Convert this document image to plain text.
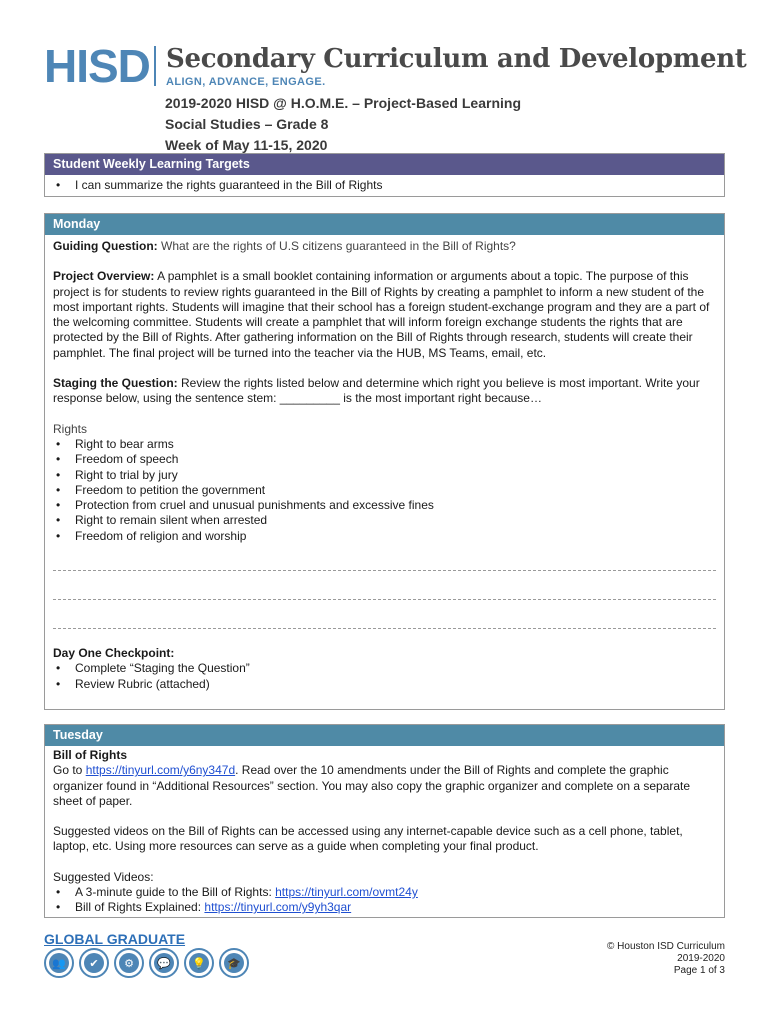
HISD Secondary Curriculum and Development
ALIGN, ADVANCE, ENGAGE.
2019-2020 HISD @ H.O.M.E. – Project-Based Learning
Social Studies – Grade 8
Week of May 11-15, 2020
Student Weekly Learning Targets
• I can summarize the rights guaranteed in the Bill of Rights
Monday
Guiding Question: What are the rights of U.S citizens guaranteed in the Bill of Rights?
Project Overview: A pamphlet is a small booklet containing information or arguments about a topic. The purpose of this project is for students to review rights guaranteed in the Bill of Rights by creating a pamphlet to inform a new student of the most important rights. Students will imagine that their school has a foreign student-exchange program and they are a part of the welcoming committee. Students will create a pamphlet that will inform foreign exchange students the rights that are protected by the Bill of Rights. After gathering information on the Bill of Rights through research, students will create their pamphlet. The final project will be turned into the teacher via the HUB, MS Teams, email, etc.
Staging the Question: Review the rights listed below and determine which right you believe is most important. Write your response below, using the sentence stem: _________ is the most important right because…
Rights
• Right to bear arms
• Freedom of speech
• Right to trial by jury
• Freedom to petition the government
• Protection from cruel and unusual punishments and excessive fines
• Right to remain silent when arrested
• Freedom of religion and worship
Day One Checkpoint:
• Complete “Staging the Question”
• Review Rubric (attached)
Tuesday
Bill of Rights
Go to https://tinyurl.com/y6ny347d. Read over the 10 amendments under the Bill of Rights and complete the graphic organizer found in “Additional Resources” section. You may also copy the graphic organizer and complete on a separate sheet of paper.
Suggested videos on the Bill of Rights can be accessed using any internet-capable device such as a cell phone, tablet, laptop, etc. Using more resources can serve as a guide when completing your final product.
Suggested Videos:
• A 3-minute guide to the Bill of Rights: https://tinyurl.com/ovmt24y
• Bill of Rights Explained: https://tinyurl.com/y9yh3qar
GLOBAL GRADUATE
👥	✔	⚙	💬 💡 🎓
© Houston ISD Curriculum
2019-2020
Page 1 of 3
